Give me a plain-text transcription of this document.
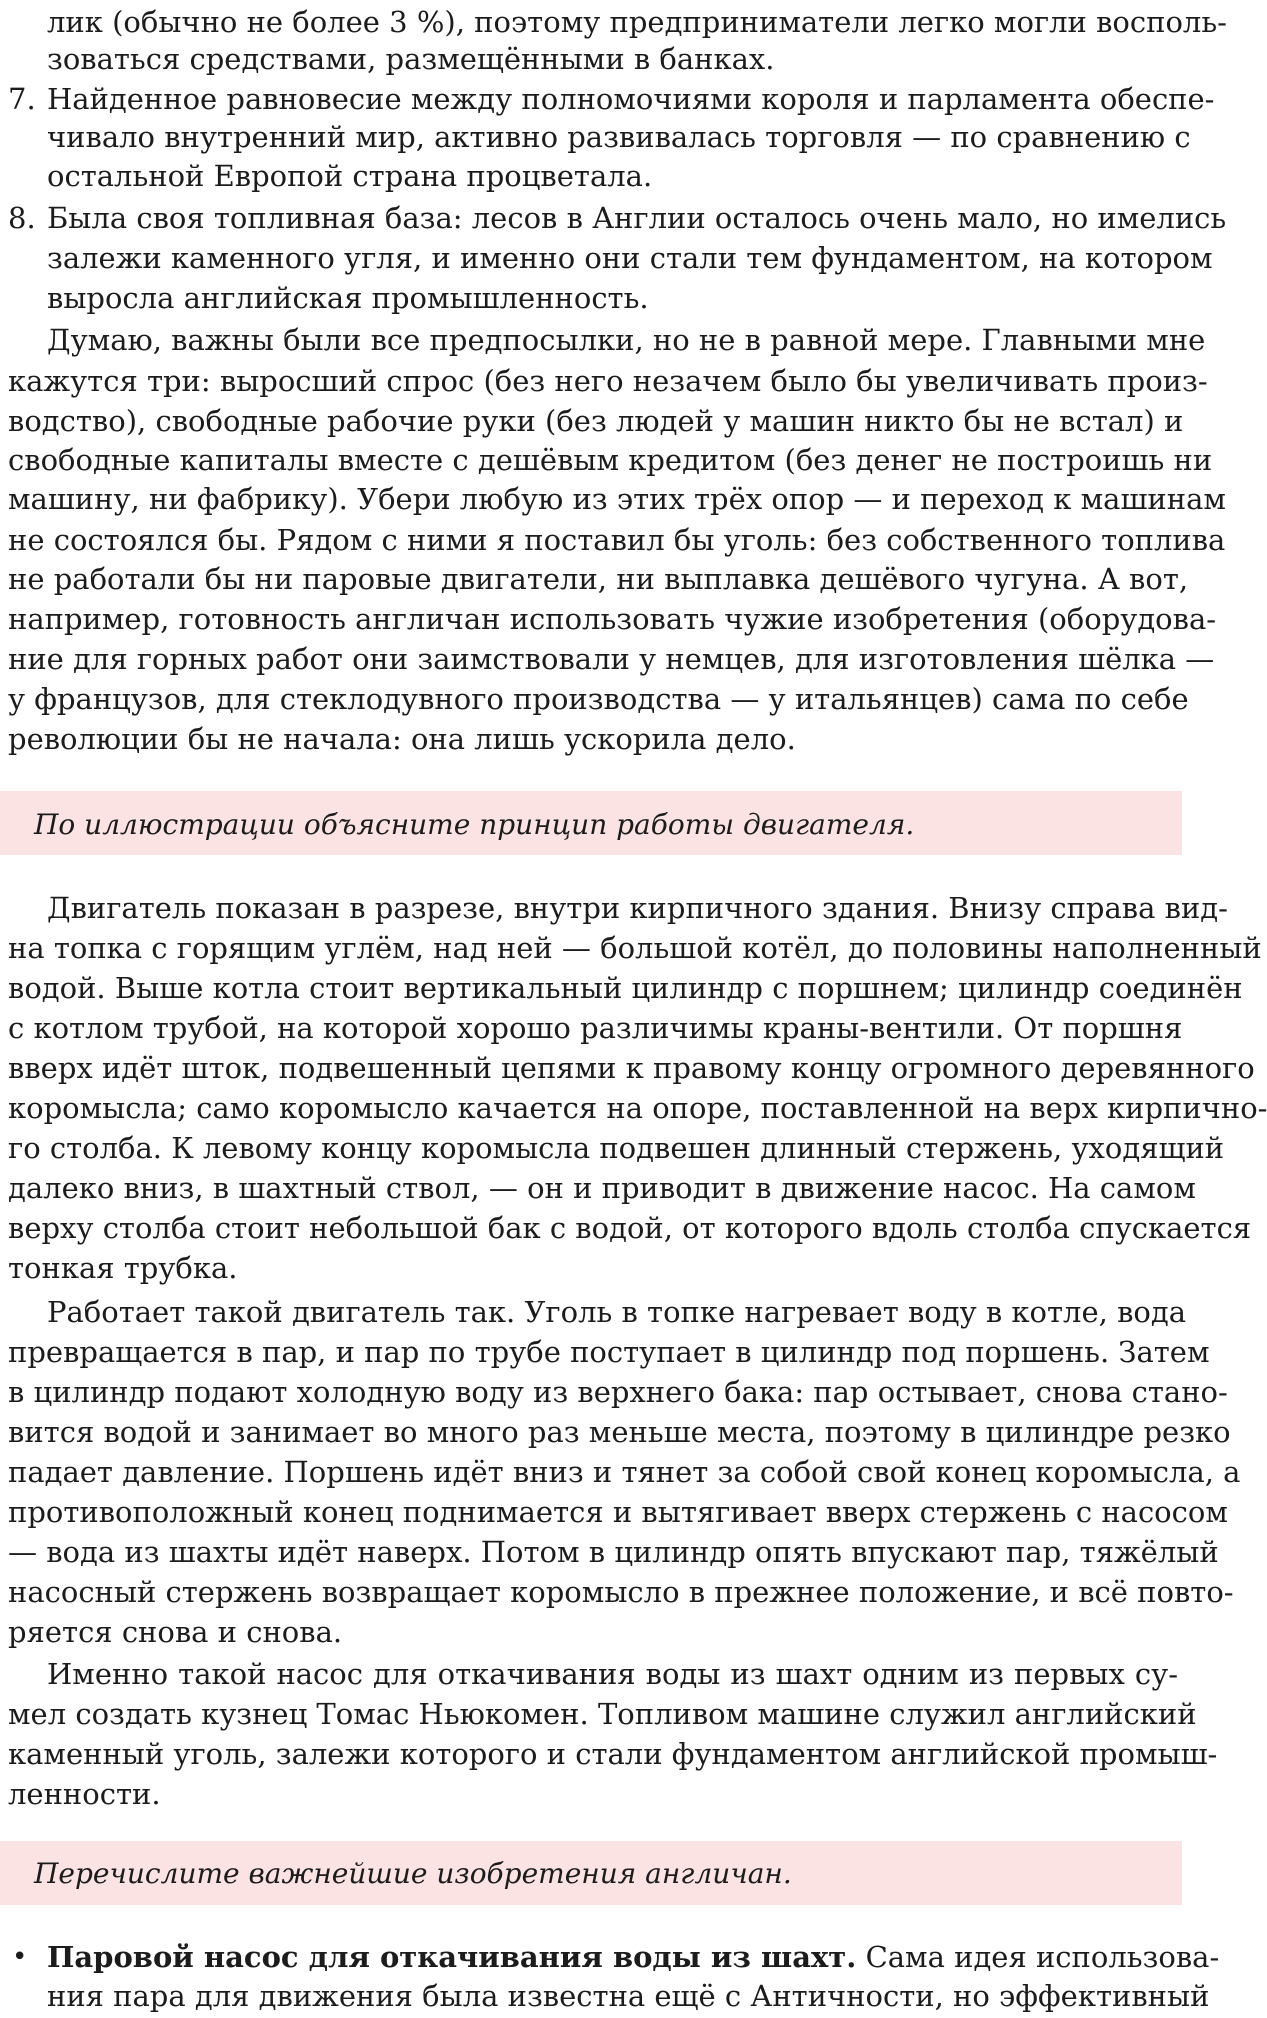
лик (обычно не более 3 %), поэтому предприниматели легко могли восполь-
зоваться средствами, размещёнными в банках.
7. Найденное равновесие между полномочиями короля и парламента обеспе-
чивало внутренний мир, активно развивалась торговля — по сравнению с
остальной Европой страна процветала.
8. Была своя топливная база: лесов в Англии осталось очень мало, но имелись
залежи каменного угля, и именно они стали тем фундаментом, на котором
выросла английская промышленность.
Думаю, важны были все предпосылки, но не в равной мере. Главными мне
кажутся три: выросший спрос (без него незачем было бы увеличивать произ-
водство), свободные рабочие руки (без людей у машин никто бы не встал) и
свободные капиталы вместе с дешёвым кредитом (без денег не построишь ни
машину, ни фабрику). Убери любую из этих трёх опор — и переход к машинам
не состоялся бы. Рядом с ними я поставил бы уголь: без собственного топлива
не работали бы ни паровые двигатели, ни выплавка дешёвого чугуна. А вот,
например, готовность англичан использовать чужие изобретения (оборудова-
ние для горных работ они заимствовали у немцев, для изготовления шёлка —
у французов, для стеклодувного производства — у итальянцев) сама по себе
революции бы не начала: она лишь ускорила дело.
По иллюстрации объясните принцип работы двигателя.
Двигатель показан в разрезе, внутри кирпичного здания. Внизу справа вид-
на топка с горящим углём, над ней — большой котёл, до половины наполненный
водой. Выше котла стоит вертикальный цилиндр с поршнем; цилиндр соединён
с котлом трубой, на которой хорошо различимы краны-вентили. От поршня
вверх идёт шток, подвешенный цепями к правому концу огромного деревянного
коромысла; само коромысло качается на опоре, поставленной на верх кирпично-
го столба. К левому концу коромысла подвешен длинный стержень, уходящий
далеко вниз, в шахтный ствол, — он и приводит в движение насос. На самом
верху столба стоит небольшой бак с водой, от которого вдоль столба спускается
тонкая трубка.
Работает такой двигатель так. Уголь в топке нагревает воду в котле, вода
превращается в пар, и пар по трубе поступает в цилиндр под поршень. Затем
в цилиндр подают холодную воду из верхнего бака: пар остывает, снова стано-
вится водой и занимает во много раз меньше места, поэтому в цилиндре резко
падает давление. Поршень идёт вниз и тянет за собой свой конец коромысла, а
противоположный конец поднимается и вытягивает вверх стержень с насосом
— вода из шахты идёт наверх. Потом в цилиндр опять впускают пар, тяжёлый
насосный стержень возвращает коромысло в прежнее положение, и всё повто-
ряется снова и снова.
Именно такой насос для откачивания воды из шахт одним из первых су-
мел создать кузнец Томас Ньюкомен. Топливом машине служил английский
каменный уголь, залежи которого и стали фундаментом английской промыш-
ленности.
Перечислите важнейшие изобретения англичан.
• Паровой насос для откачивания воды из шахт. Сама идея использова-
ния пара для движения была известна ещё с Античности, но эффективный
